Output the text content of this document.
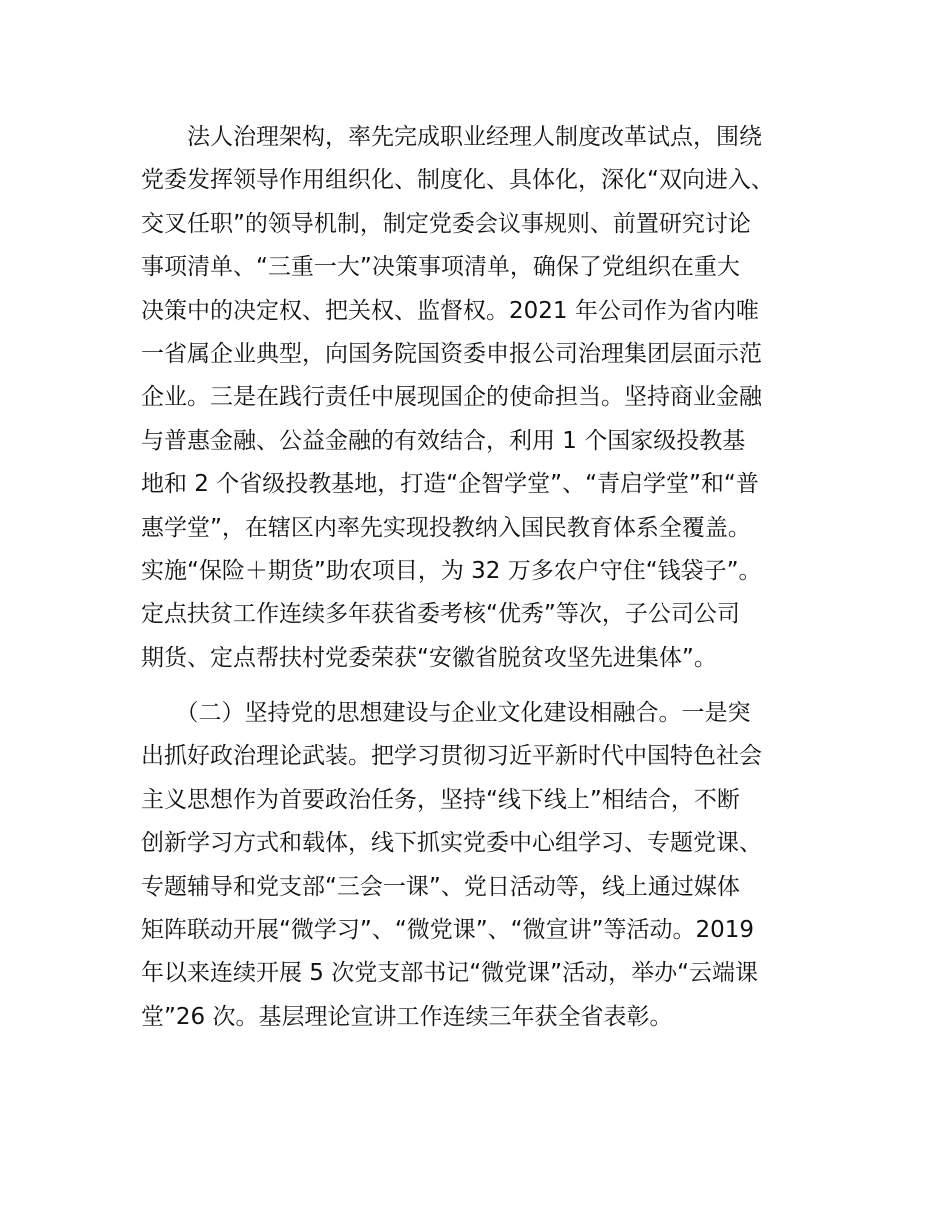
　　法人治理架构，率先完成职业经理人制度改革试点，围绕
党委发挥领导作用组织化、制度化、具体化，深化“双向进入、
交叉任职”的领导机制，制定党委会议事规则、前置研究讨论
事项清单、“三重一大”决策事项清单，确保了党组织在重大
决策中的决定权、把关权、监督权。2021 年公司作为省内唯
一省属企业典型，向国务院国资委申报公司治理集团层面示范
企业。三是在践行责任中展现国企的使命担当。坚持商业金融
与普惠金融、公益金融的有效结合，利用 1 个国家级投教基
地和 2 个省级投教基地，打造“企智学堂”、“青启学堂”和“普
惠学堂”，在辖区内率先实现投教纳入国民教育体系全覆盖。
实施“保险＋期货”助农项目，为 32 万多农户守住“钱袋子”。
定点扶贫工作连续多年获省委考核“优秀”等次，子公司公司
期货、定点帮扶村党委荣获“安徽省脱贫攻坚先进集体”。
　　（二）坚持党的思想建设与企业文化建设相融合。一是突
出抓好政治理论武装。把学习贯彻习近平新时代中国特色社会
主义思想作为首要政治任务，坚持“线下线上”相结合，不断
创新学习方式和载体，线下抓实党委中心组学习、专题党课、
专题辅导和党支部“三会一课”、党日活动等，线上通过媒体
矩阵联动开展“微学习”、“微党课”、“微宣讲”等活动。2019
年以来连续开展 5 次党支部书记“微党课”活动，举办“云端课
堂”26 次。基层理论宣讲工作连续三年获全省表彰。
